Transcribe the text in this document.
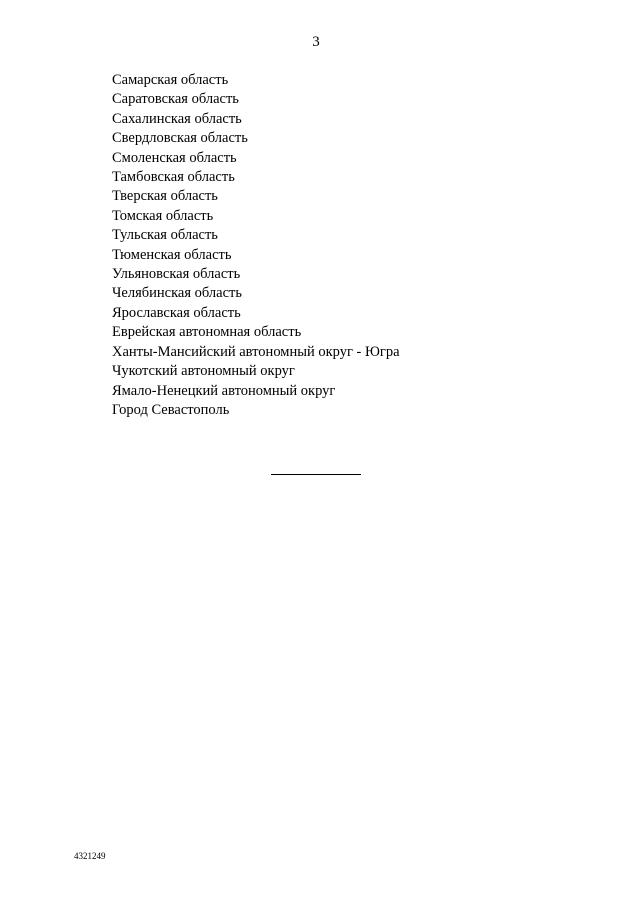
3
Самарская область
Саратовская область
Сахалинская область
Свердловская область
Смоленская область
Тамбовская область
Тверская область
Томская область
Тульская область
Тюменская область
Ульяновская область
Челябинская область
Ярославская область
Еврейская автономная область
Ханты-Мансийский автономный округ - Югра
Чукотский автономный округ
Ямало-Ненецкий автономный округ
Город Севастополь
4321249
